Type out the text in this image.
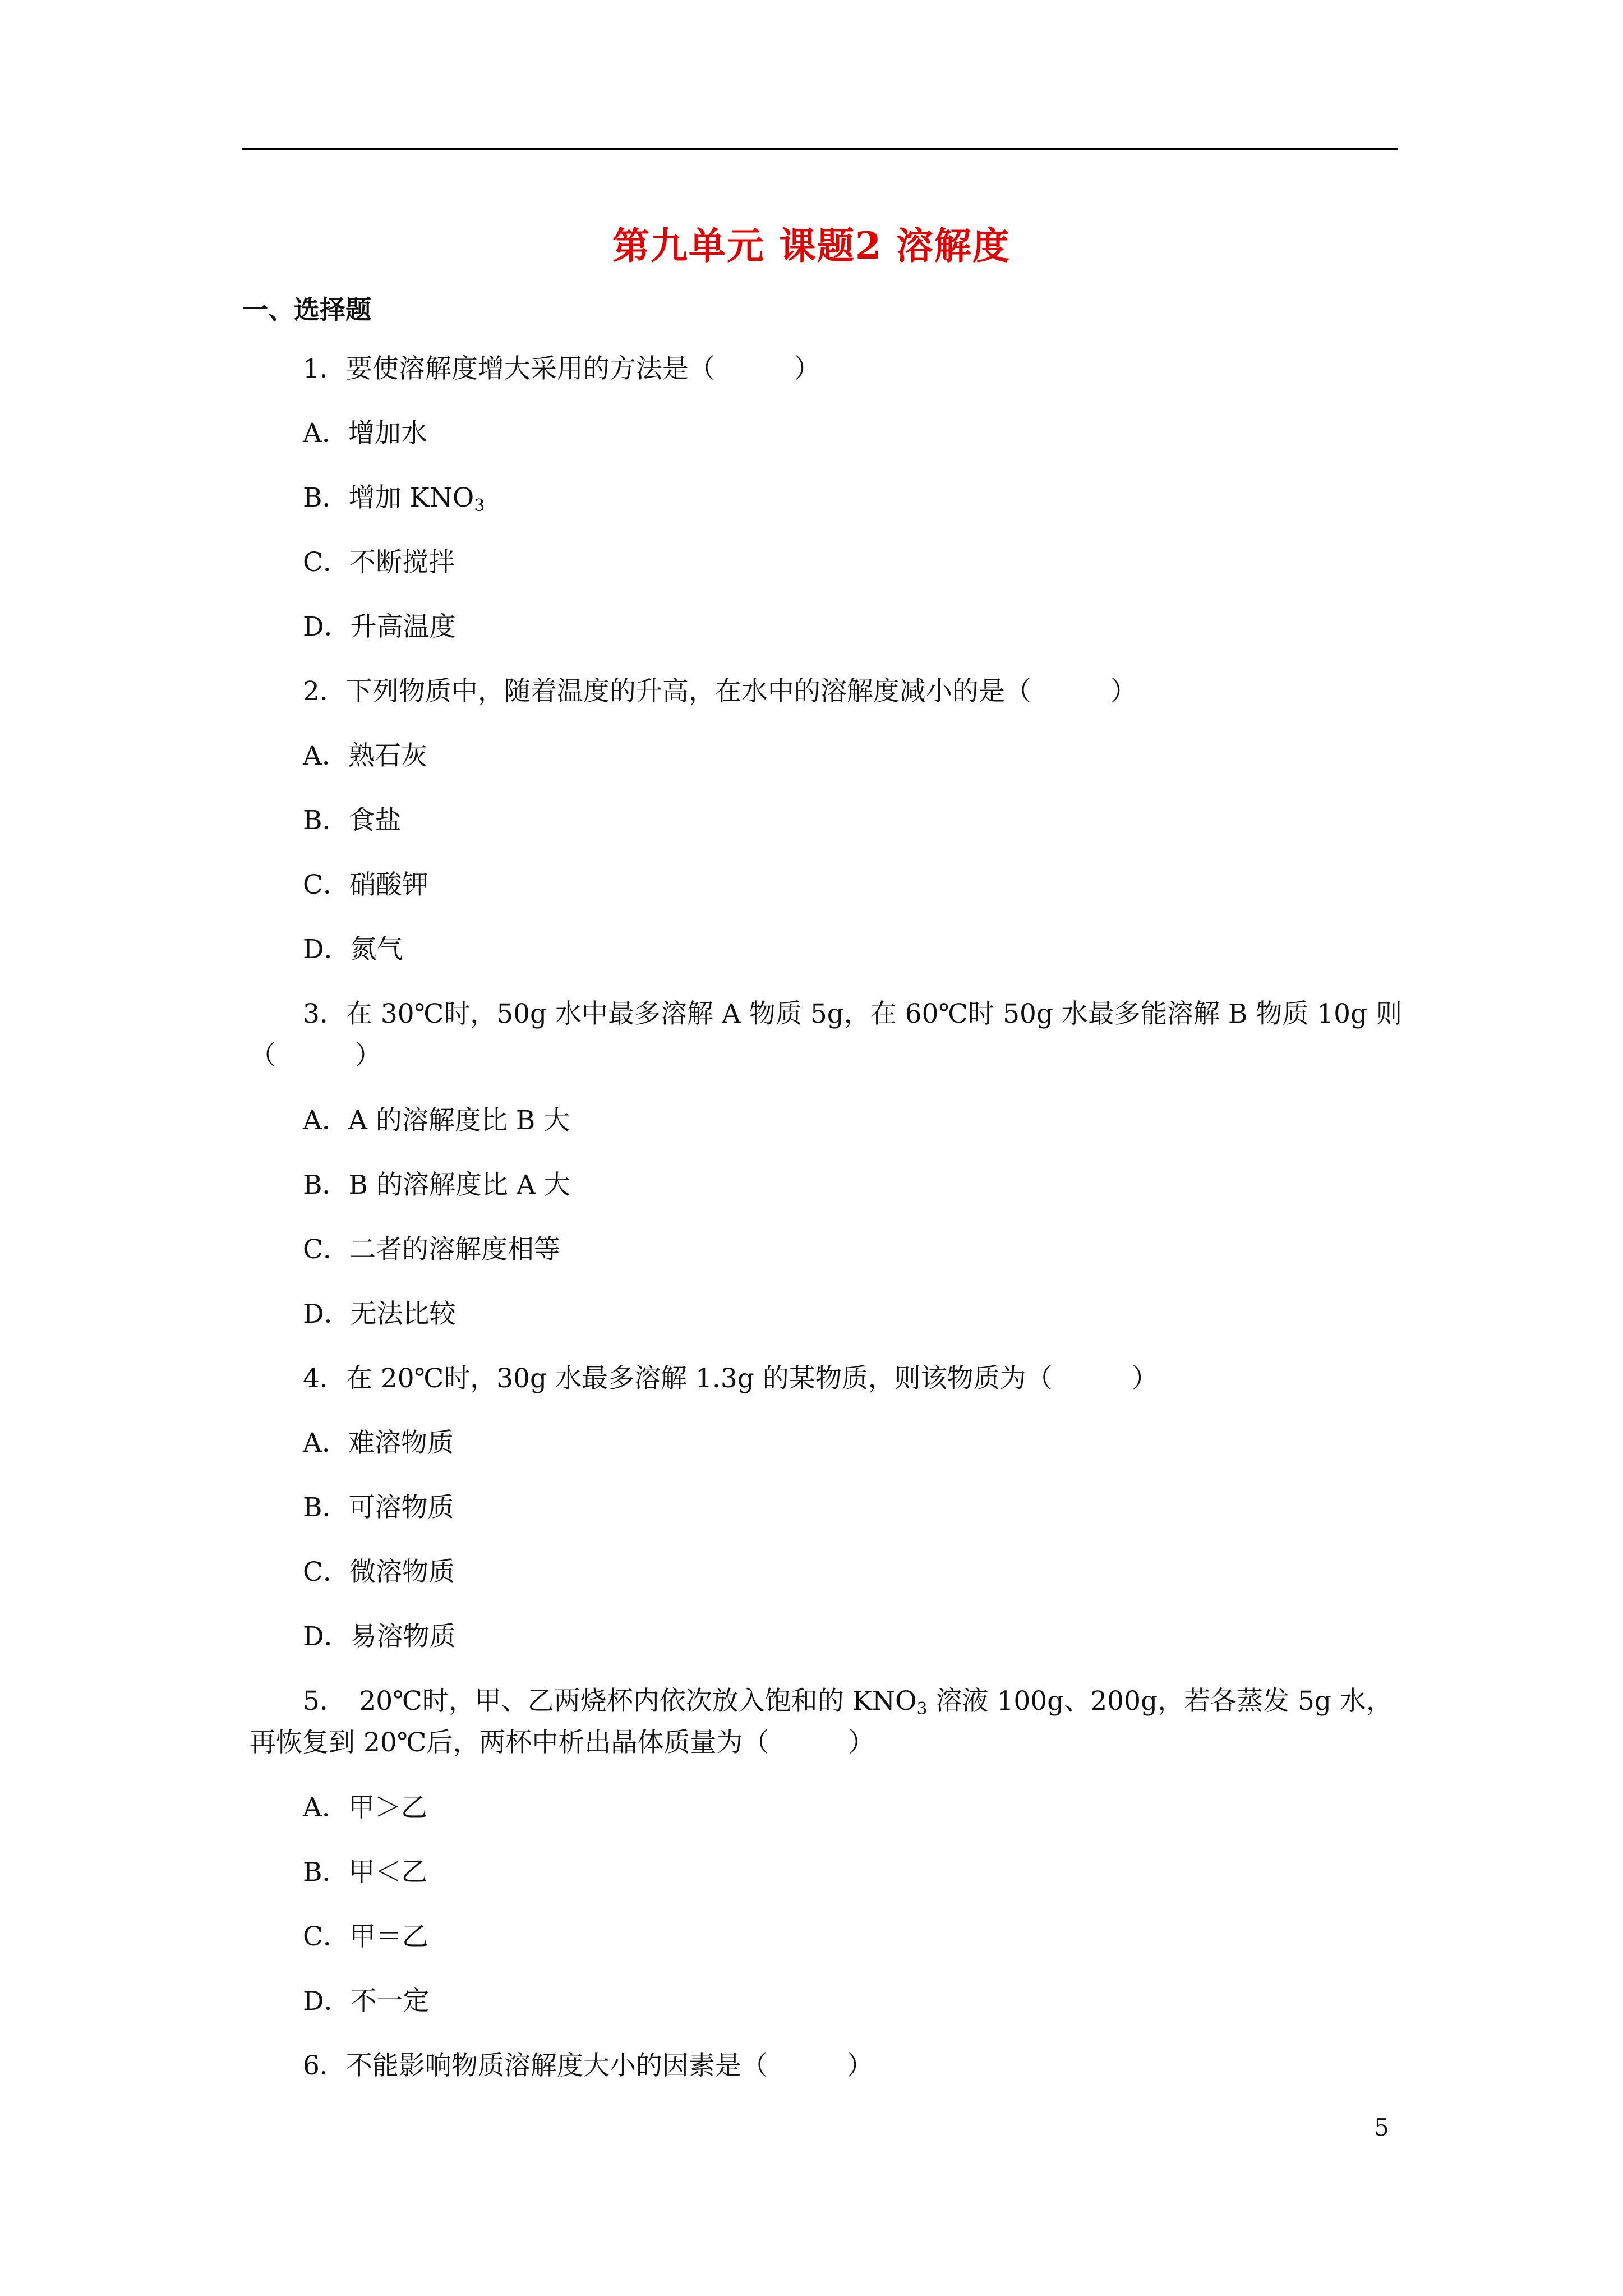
第九单元 课题2 溶解度
一、选择题
1．要使溶解度增大采用的方法是（　　　）
A．增加水
B．增加 $KNO_3$
C．不断搅拌
D．升高温度
2．下列物质中，随着温度的升高，在水中的溶解度减小的是（　　　）
A．熟石灰
B．食盐
C．硝酸钾
D．氮气
3．在 30℃时，50g 水中最多溶解 A 物质 5g，在 60℃时 50g 水最多能溶解 B 物质 10g 则
（　　　）
A．A 的溶解度比 B 大
B．B 的溶解度比 A 大
C．二者的溶解度相等
D．无法比较
4．在 20℃时，30g 水最多溶解 1.3g 的某物质，则该物质为（　　　）
A．难溶物质
B．可溶物质
C．微溶物质
D．易溶物质
5．　20℃时，甲、乙两烧杯内依次放入饱和的 $KNO_3$ 溶液 100g、200g，若各蒸发 5g 水，
再恢复到 20℃后，两杯中析出晶体质量为（　　　）
A．甲＞乙
B．甲＜乙
C．甲＝乙
D．不一定
6．不能影响物质溶解度大小的因素是（　　　）
5
